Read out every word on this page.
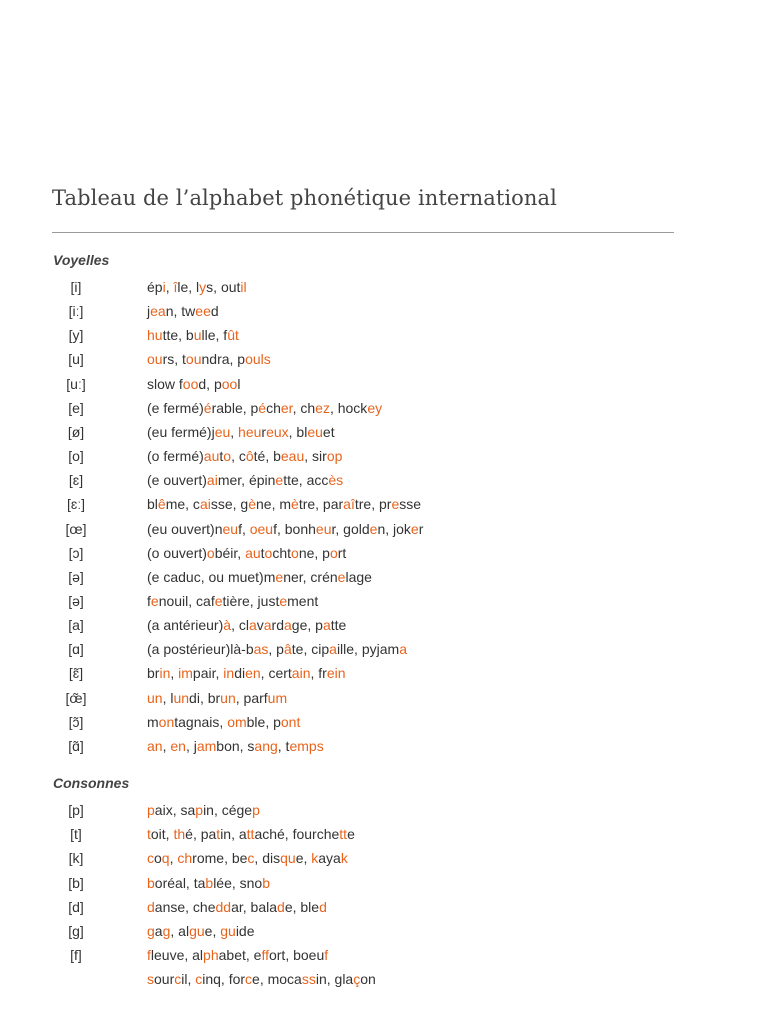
Tableau de l’alphabet phonétique international
Voyelles
[i]	épi, île, lys, outil
[iː]	jean, tweed
[y]	hutte, bulle, fût
[u]	ours, toundra, pouls
[uː]	slow food, pool
[e]	(e fermé)érable, pécher, chez, hockey
[ø]	(eu fermé)jeu, heureux, bleuet
[o]	(o fermé)auto, côté, beau, sirop
[ɛ]	(e ouvert)aimer, épinette, accès
[ɛː]	blême, caisse, gène, mètre, paraître, presse
[œ]	(eu ouvert)neuf, oeuf, bonheur, golden, joker
[ɔ]	(o ouvert)obéir, autochtone, port
[ə]	(e caduc, ou muet)mener, crénelage
[ə]	fenouil, cafetière, justement
[a]	(a antérieur)à, clavardage, patte
[ɑ]	(a postérieur)là-bas, pâte, cipaille, pyjama
[ɛ̃]	brin, impair, indien, certain, frein
[œ̃]	un, lundi, brun, parfum
[ɔ̃]	montagnais, omble, pont
[ɑ̃]	an, en, jambon, sang, temps
Consonnes
[p]	paix, sapin, cégep
[t]	toit, thé, patin, attaché, fourchette
[k]	coq, chrome, bec, disque, kayak
[b]	boréal, tablée, snob
[d]	danse, cheddar, balade, bled
[g]	gag, algue, guide
[f]	fleuve, alphabet, effort, boeuf
sourcil, cinq, force, mocassin, glaçon
